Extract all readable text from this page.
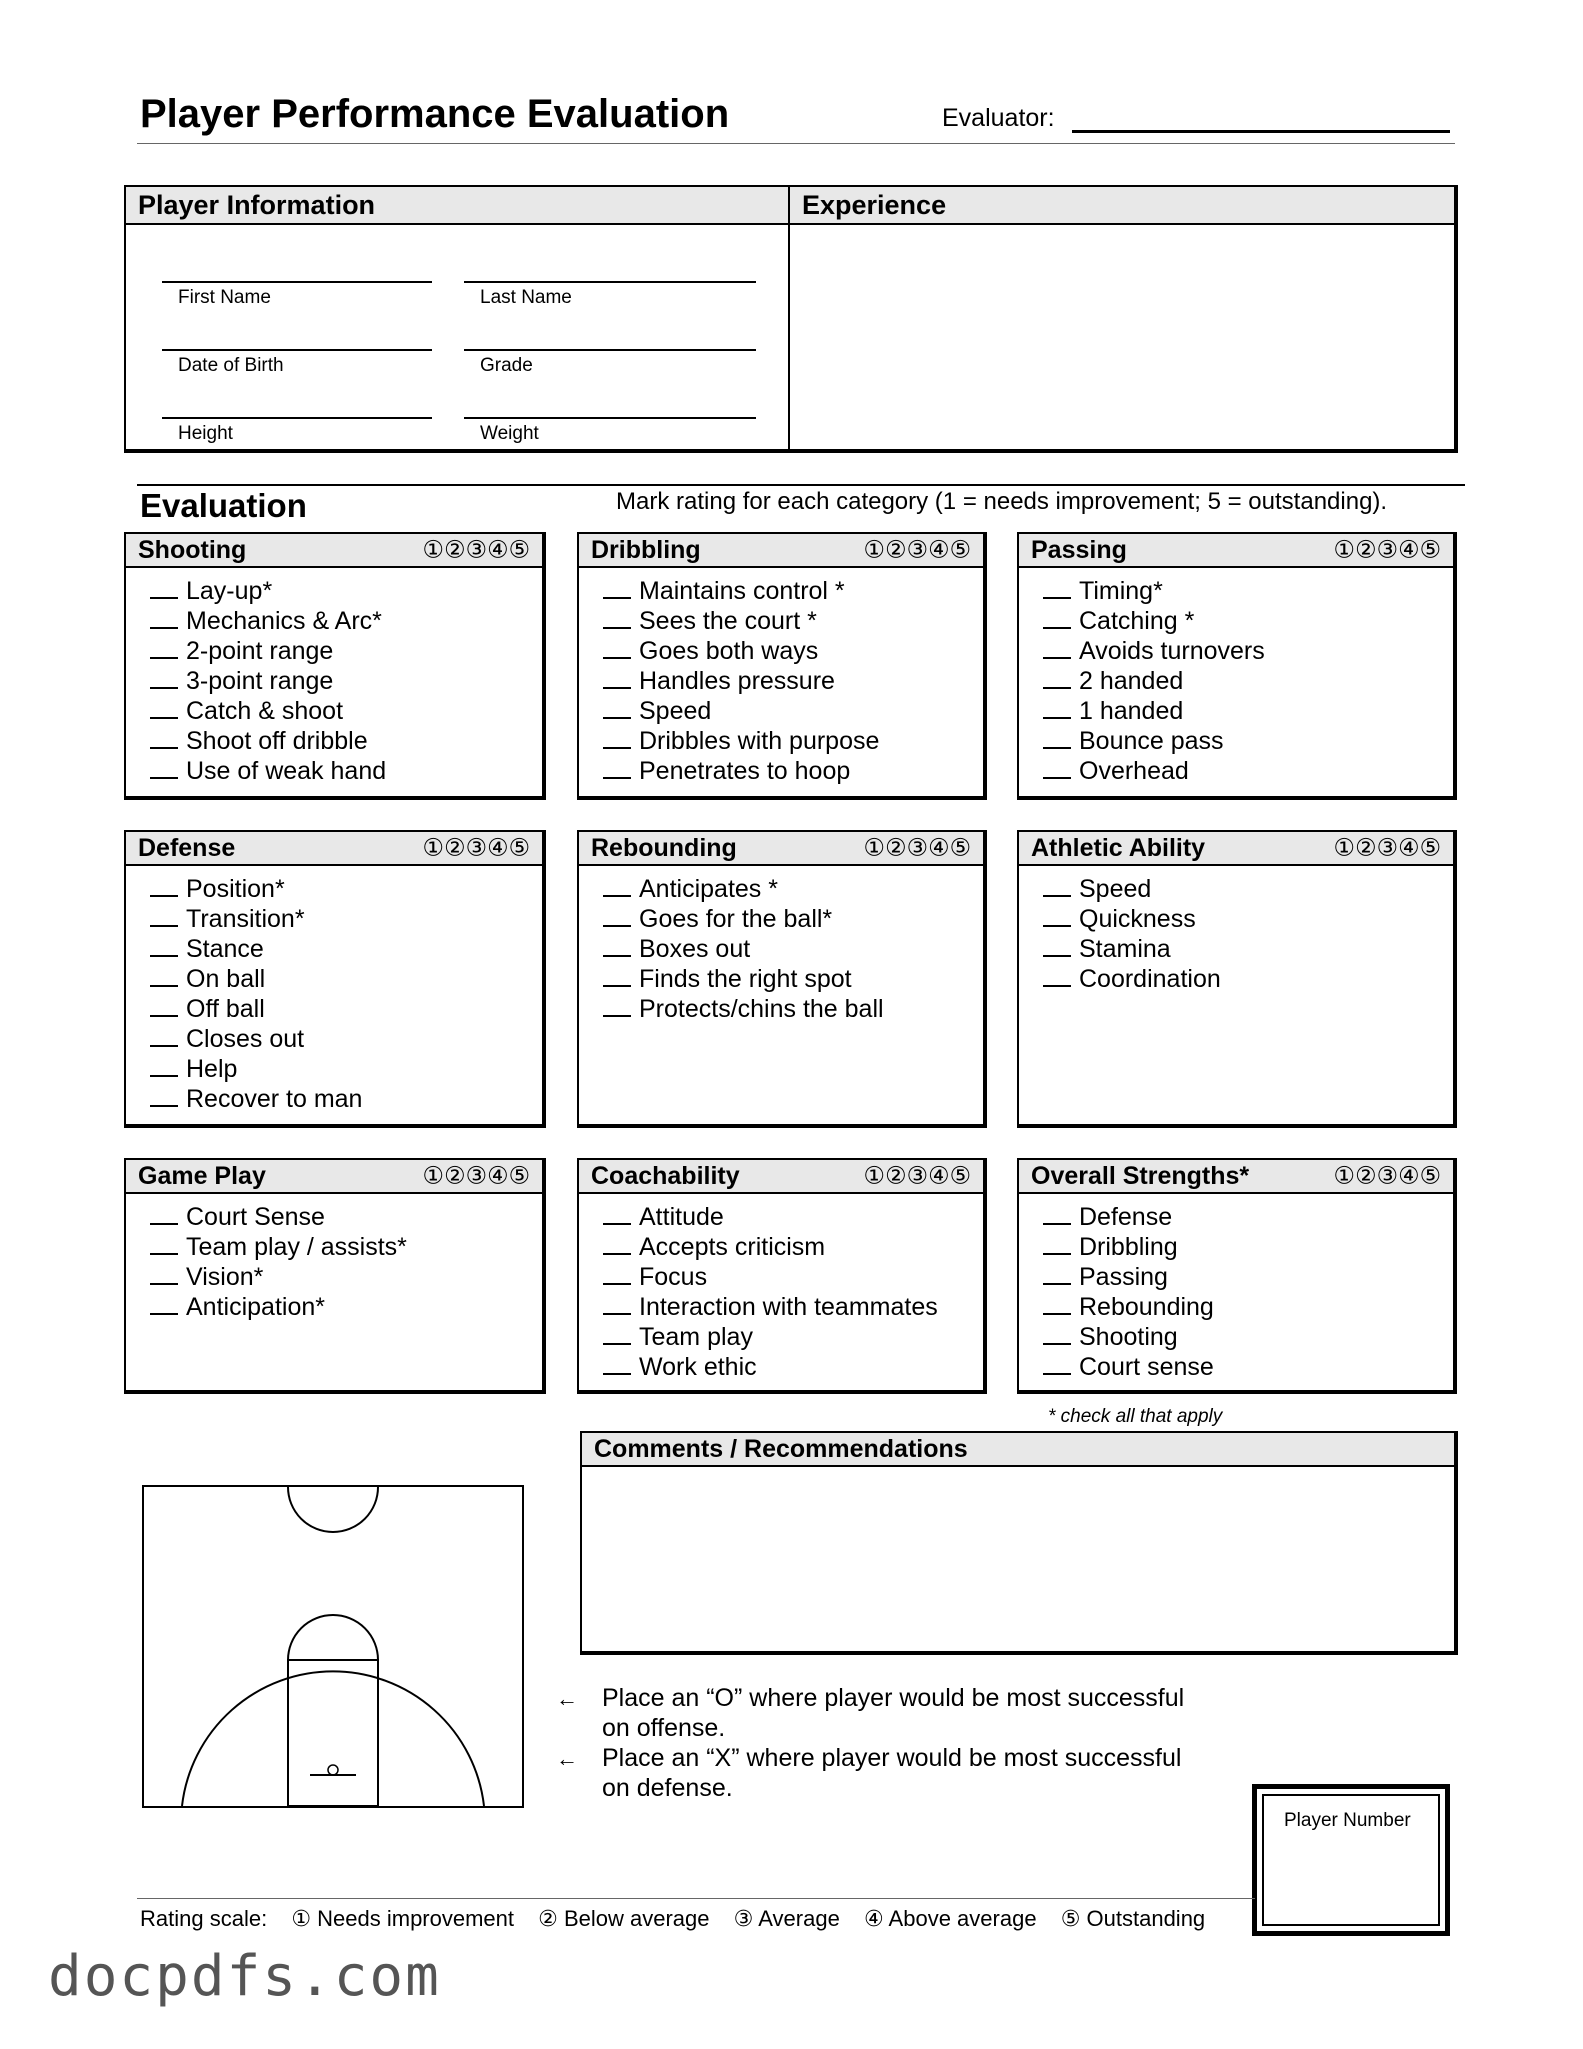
Player Performance Evaluation	Evaluator:
Player Information
First Name	Last Name
Date of Birth	Grade
Height	Weight
Experience
Evaluation	Mark rating for each category (1 = needs improvement; 5 = outstanding).
Shooting	①②③④⑤
Lay-up*
Mechanics & Arc*
2-point range
3-point range
Catch & shoot
Shoot off dribble
Use of weak hand
Dribbling	①②③④⑤
Maintains control *
Sees the court *
Goes both ways
Handles pressure
Speed
Dribbles with purpose
Penetrates to hoop
Passing	①②③④⑤
Timing*
Catching *
Avoids turnovers
2 handed
1 handed
Bounce pass
Overhead
Defense	①②③④⑤
Position*
Transition*
Stance
On ball
Off ball
Closes out
Help
Recover to man
Rebounding	①②③④⑤
Anticipates *
Goes for the ball*
Boxes out
Finds the right spot
Protects/chins the ball
Athletic Ability	①②③④⑤
Speed
Quickness
Stamina
Coordination
Game Play	①②③④⑤
Court Sense
Team play / assists*
Vision*
Anticipation*
Coachability	①②③④⑤
Attitude
Accepts criticism
Focus
Interaction with teammates
Team play
Work ethic
Overall Strengths*	①②③④⑤
Defense
Dribbling
Passing
Rebounding
Shooting
Court sense
* check all that apply
Comments / Recommendations
← Place an “O” where player would be most successful
on offense.
← Place an “X” where player would be most successful
on defense.
Player Number
Rating scale: ① Needs improvement ② Below average ③ Average ④ Above average ⑤ Outstanding
docpdfs.com
